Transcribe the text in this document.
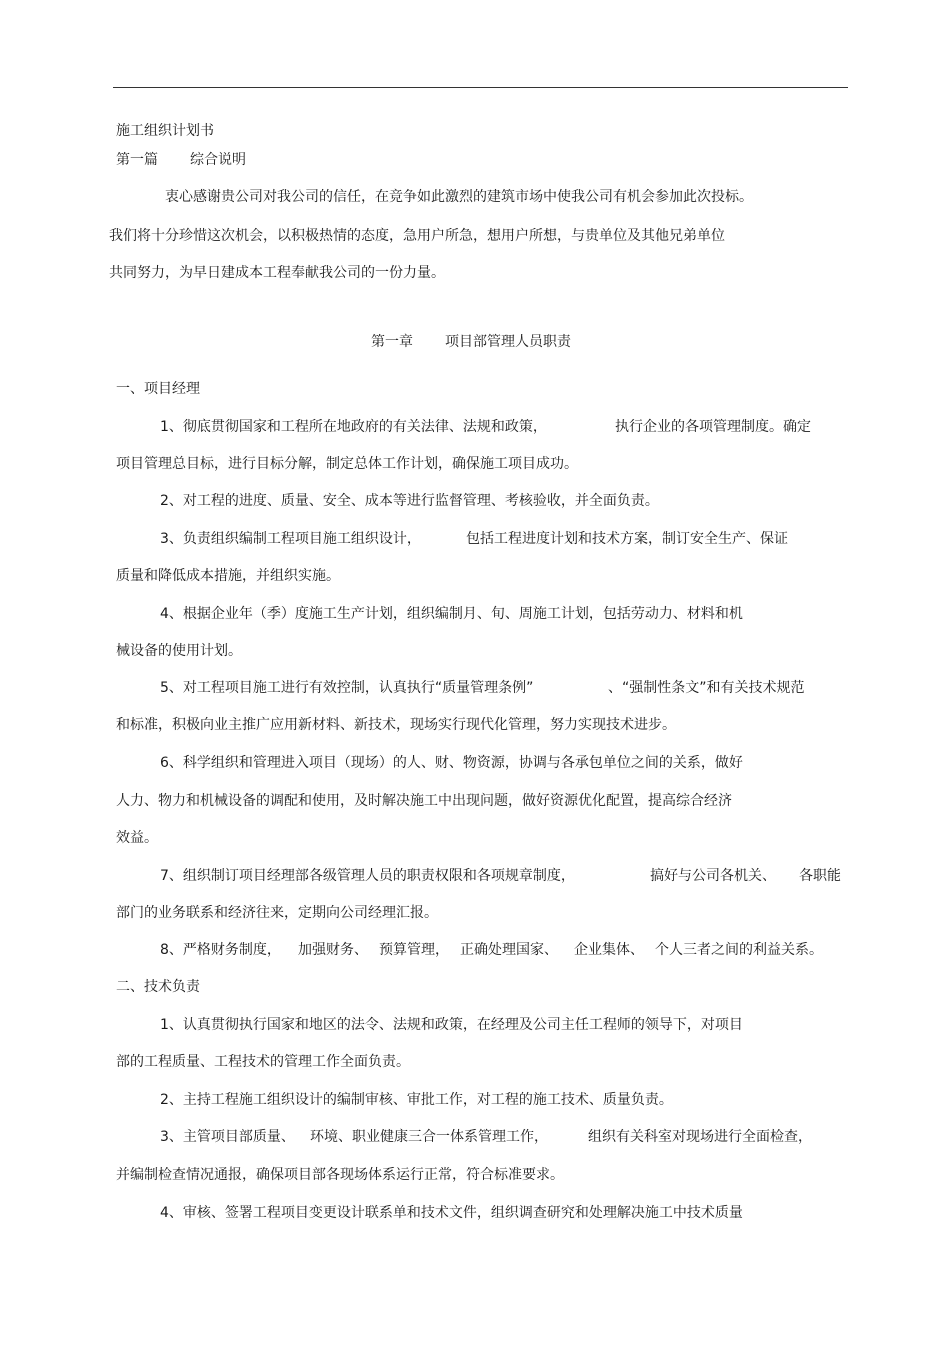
施工组织计划书
第一篇 综合说明
衷心感谢贵公司对我公司的信任，在竞争如此激烈的建筑市场中使我公司有机会参加此次投标。
我们将十分珍惜这次机会，以积极热情的态度，急用户所急，想用户所想，与贵单位及其他兄弟单位
共同努力，为早日建成本工程奉献我公司的一份力量。
第一章 项目部管理人员职责
一、项目经理
1、彻底贯彻国家和工程所在地政府的有关法律、法规和政策，	执行企业的各项管理制度。确定
项目管理总目标，进行目标分解，制定总体工作计划，确保施工项目成功。
2、对工程的进度、质量、安全、成本等进行监督管理、考核验收，并全面负责。
3、负责组织编制工程项目施工组织设计，	包括工程进度计划和技术方案，制订安全生产、保证
质量和降低成本措施，并组织实施。
4、根据企业年（季）度施工生产计划，组织编制月、旬、周施工计划，包括劳动力、材料和机
械设备的使用计划。
5、对工程项目施工进行有效控制，认真执行“质量管理条例”	、“强制性条文”和有关技术规范
和标准，积极向业主推广应用新材料、新技术，现场实行现代化管理，努力实现技术进步。
6、科学组织和管理进入项目（现场）的人、财、物资源，协调与各承包单位之间的关系，做好
人力、物力和机械设备的调配和使用，及时解决施工中出现问题，做好资源优化配置，提高综合经济
效益。
7、组织制订项目经理部各级管理人员的职责权限和各项规章制度，	搞好与公司各机关、 各职能
部门的业务联系和经济往来，定期向公司经理汇报。
8、严格财务制度， 加强财务、 预算管理， 正确处理国家、 企业集体、 个人三者之间的利益关系。
二、技术负责
1、认真贯彻执行国家和地区的法令、法规和政策，在经理及公司主任工程师的领导下，对项目
部的工程质量、工程技术的管理工作全面负责。
2、主持工程施工组织设计的编制审核、审批工作，对工程的施工技术、质量负责。
3、主管项目部质量、 环境、职业健康三合一体系管理工作，	组织有关科室对现场进行全面检查，
并编制检查情况通报，确保项目部各现场体系运行正常，符合标准要求。
4、审核、签署工程项目变更设计联系单和技术文件，组织调查研究和处理解决施工中技术质量
